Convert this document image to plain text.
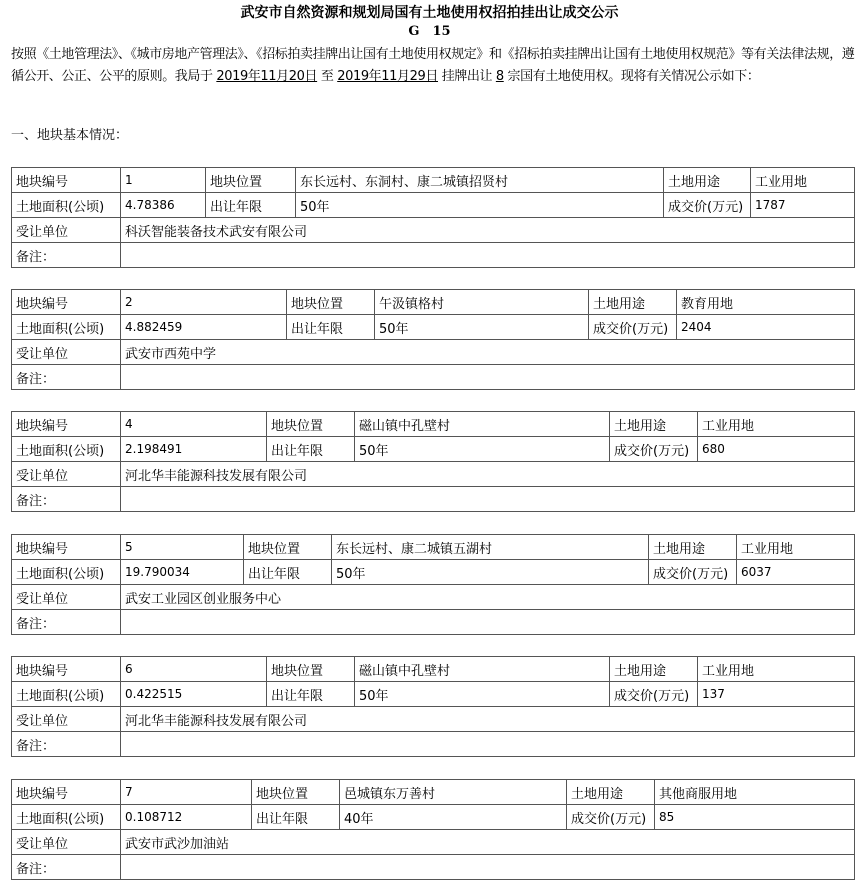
武安市自然资源和规划局国有土地使用权招拍挂出让成交公示
G　15
按照《土地管理法》、《城市房地产管理法》、《招标拍卖挂牌出让国有土地使用权规定》和《招标拍卖挂牌出让国有土地使用权规范》等有关法律法规，遵循公开、公正、公平的原则。我局于 2019年11月20日 至 2019年11月29日 挂牌出让 8 宗国有土地使用权。现将有关情况公示如下：
一、地块基本情况：
地块编号	1	地块位置	东长远村、东洞村、康二城镇招贤村	土地用途	工业用地
土地面积(公顷)	4.78386	出让年限	50年	成交价(万元)	1787
受让单位	科沃智能装备技术武安有限公司				
备注：					
地块编号	2	地块位置	午汲镇格村	土地用途	教育用地
土地面积(公顷)	4.882459	出让年限	50年	成交价(万元)	2404
受让单位	武安市西苑中学				
备注：					
地块编号	4	地块位置	磁山镇中孔壁村	土地用途	工业用地
土地面积(公顷)	2.198491	出让年限	50年	成交价(万元)	680
受让单位	河北华丰能源科技发展有限公司				
备注：					
地块编号	5	地块位置	东长远村、康二城镇五湖村	土地用途	工业用地
土地面积(公顷)	19.790034	出让年限	50年	成交价(万元)	6037
受让单位	武安工业园区创业服务中心				
备注：					
地块编号	6	地块位置	磁山镇中孔壁村	土地用途	工业用地
土地面积(公顷)	0.422515	出让年限	50年	成交价(万元)	137
受让单位	河北华丰能源科技发展有限公司				
备注：					
地块编号	7	地块位置	邑城镇东万善村	土地用途	其他商服用地
土地面积(公顷)	0.108712	出让年限	40年	成交价(万元)	85
受让单位	武安市武沙加油站				
备注：					
